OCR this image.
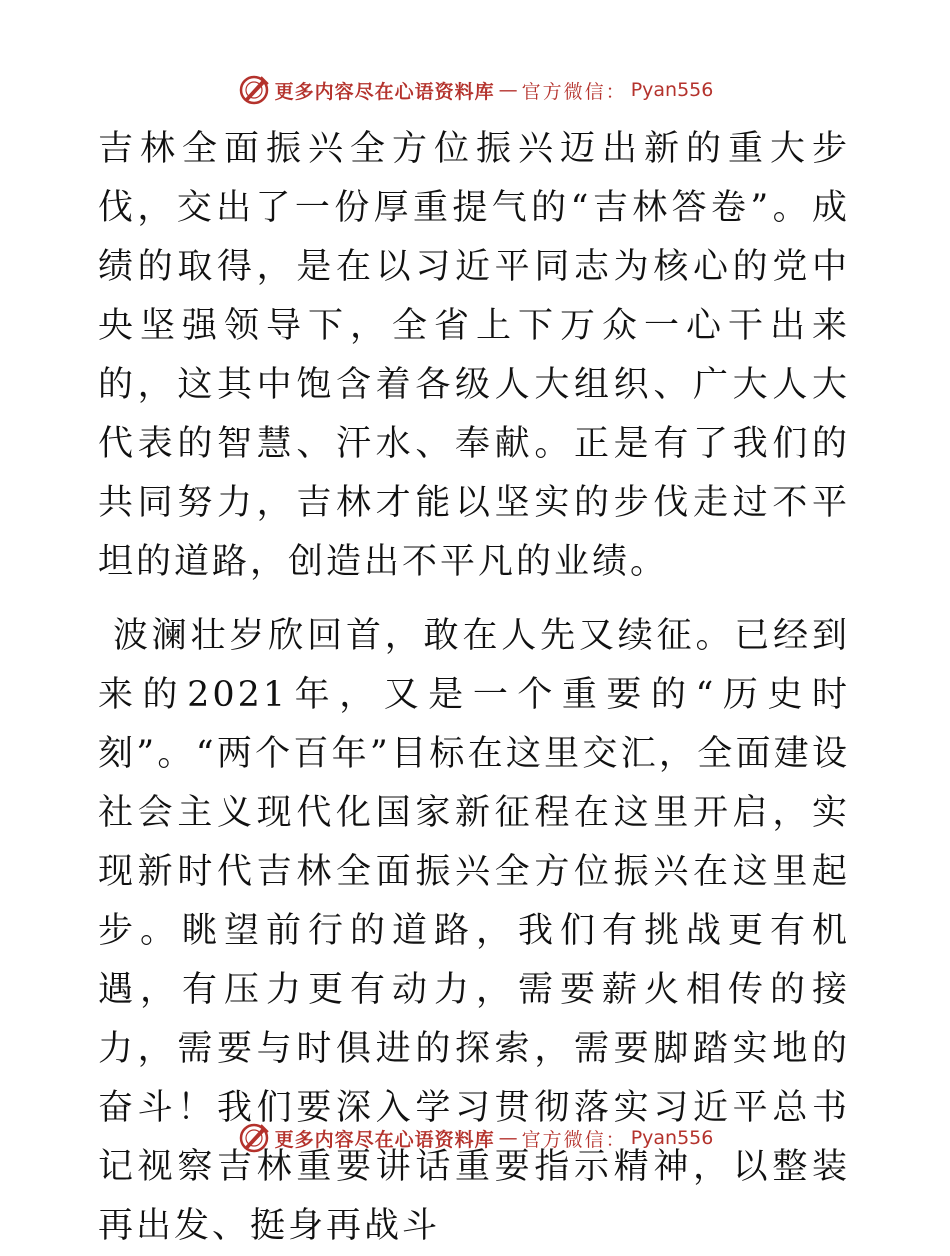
更多内容尽在心语资料库 — 官方微信： Pyan556

吉林全面振兴全方位振兴迈出新的重大步伐，交出了一份厚重提气的“吉林答卷”。成绩的取得，是在以习近平同志为核心的党中央坚强领导下，全省上下万众一心干出来的，这其中饱含着各级人大组织、广大人大代表的智慧、汗水、奉献。正是有了我们的共同努力，吉林才能以坚实的步伐走过不平坦的道路，创造出不平凡的业绩。

波澜壮岁欣回首，敢在人先又续征。已经到来的2021年，又是一个重要的“历史时刻”。“两个百年”目标在这里交汇，全面建设社会主义现代化国家新征程在这里开启，实现新时代吉林全面振兴全方位振兴在这里起步。眺望前行的道路，我们有挑战更有机遇，有压力更有动力，需要薪火相传的接力，需要与时俱进的探索，需要脚踏实地的奋斗！我们要深入学习贯彻落实习近平总书记视察吉林重要讲话重要指示精神，以整装再出发、挺身再战斗

更多内容尽在心语资料库 — 官方微信： Pyan556
